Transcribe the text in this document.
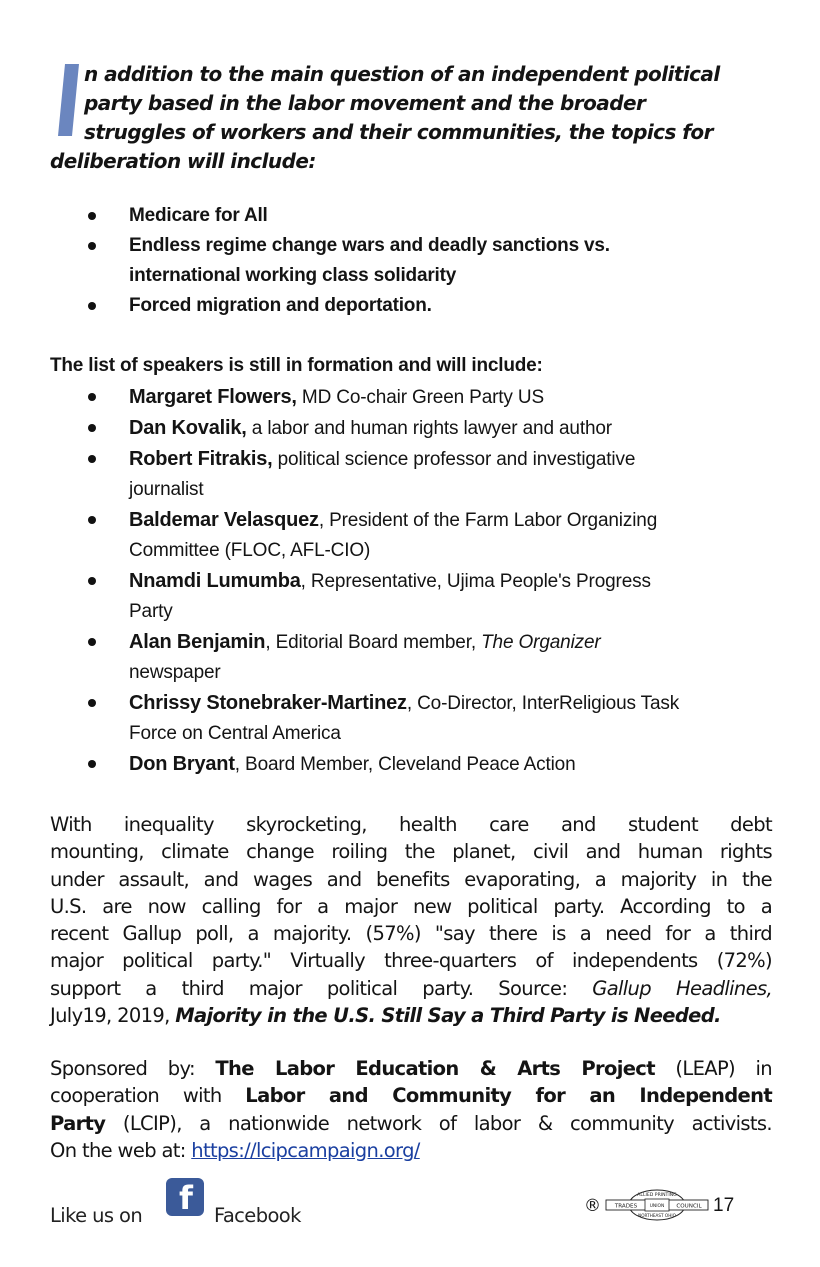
n addition to the main question of an independent political
party based in the labor movement and the broader
struggles of workers and their communities, the topics for
deliberation will include:
Medicare for All
Endless regime change wars and deadly sanctions vs.
international working class solidarity
Forced migration and deportation.
The list of speakers is still in formation and will include:
Margaret Flowers, MD Co-chair Green Party US
Dan Kovalik, a labor and human rights lawyer and author
Robert Fitrakis, political science professor and investigative
journalist
Baldemar Velasquez, President of the Farm Labor Organizing
Committee (FLOC, AFL-CIO)
Nnamdi Lumumba, Representative, Ujima People's Progress
Party
Alan Benjamin, Editorial Board member, The Organizer
newspaper
Chrissy Stonebraker-Martinez, Co-Director, InterReligious Task
Force on Central America
Don Bryant, Board Member, Cleveland Peace Action
With inequality skyrocketing, health care and student debt
mounting, climate change roiling the planet, civil and human rights
under assault, and wages and benefits evaporating, a majority in the
U.S. are now calling for a major new political party. According to a
recent Gallup poll, a majority. (57%) "say there is a need for a third
major political party." Virtually three-quarters of independents (72%)
support a third major political party. Source: Gallup Headlines,
July19, 2019, Majority in the U.S. Still Say a Third Party is Needed.
Sponsored by: The Labor Education & Arts Project (LEAP) in
cooperation with Labor and Community for an Independent
Party (LCIP), a nationwide network of labor & community activists.
On the web at: https://lcipcampaign.org/
Like us on f Facebook	®
ALLIED PRINTING
TRADES	UNION COUNCIL
NORTHEAST OHIO 17
